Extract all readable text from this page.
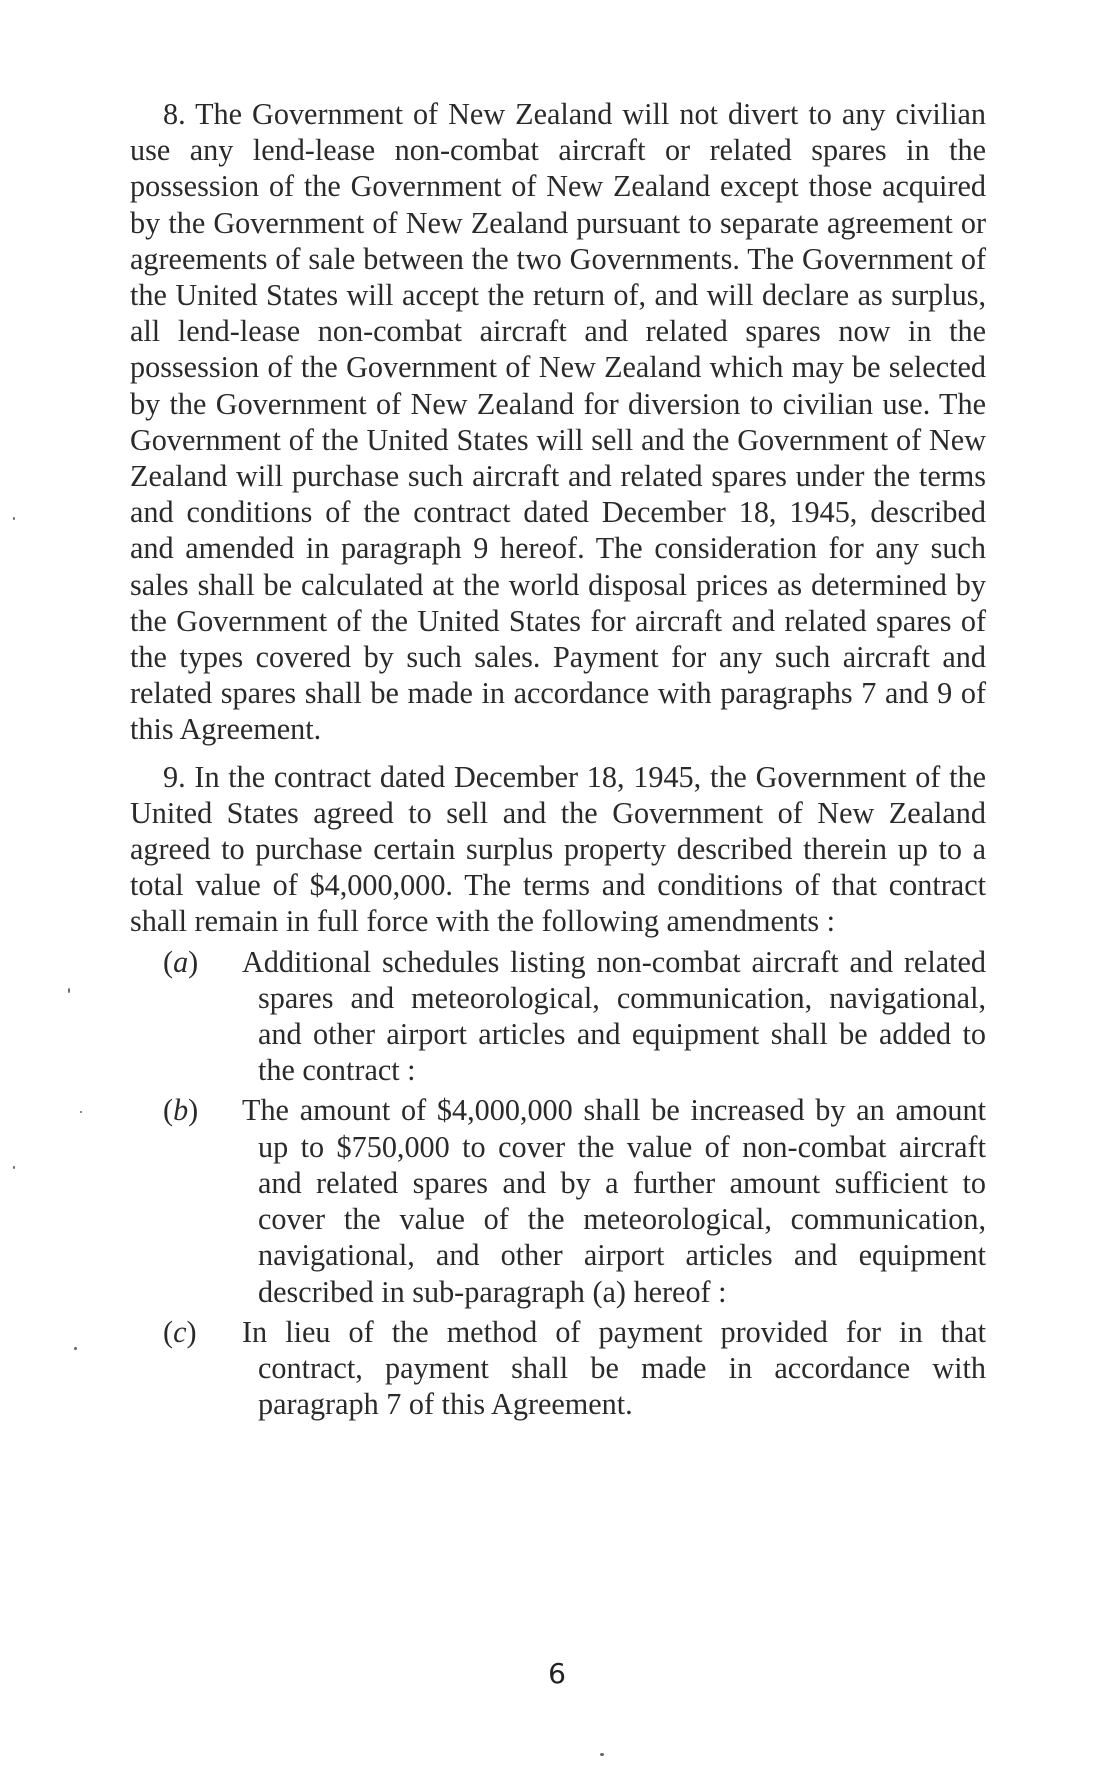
8. The Government of New Zealand will not divert to any civilian use any lend-lease non-combat aircraft or related spares in the possession of the Government of New Zealand except those acquired by the Government of New Zealand pursuant to separate agreement or agreements of sale between the two Governments. The Government of the United States will accept the return of, and will declare as surplus, all lend-lease non-combat aircraft and related spares now in the possession of the Government of New Zealand which may be selected by the Government of New Zealand for diversion to civilian use. The Government of the United States will sell and the Government of New Zealand will purchase such aircraft and related spares under the terms and conditions of the contract dated December 18, 1945, described and amended in paragraph 9 hereof. The consideration for any such sales shall be calculated at the world disposal prices as determined by the Government of the United States for aircraft and related spares of the types covered by such sales. Payment for any such aircraft and related spares shall be made in accordance with paragraphs 7 and 9 of this Agreement.

9. In the contract dated December 18, 1945, the Government of the United States agreed to sell and the Government of New Zealand agreed to purchase certain surplus property described therein up to a total value of $4,000,000. The terms and conditions of that contract shall remain in full force with the following amendments :

(a) Additional schedules listing non-combat aircraft and related spares and meteorological, communication, navigational, and other airport articles and equipment shall be added to the contract :

(b) The amount of $4,000,000 shall be increased by an amount up to $750,000 to cover the value of non-combat aircraft and related spares and by a further amount sufficient to cover the value of the meteorological, communication, navigational, and other airport articles and equipment described in sub-paragraph (a) hereof :

(c) In lieu of the method of payment provided for in that contract, payment shall be made in accordance with paragraph 7 of this Agreement.

6
